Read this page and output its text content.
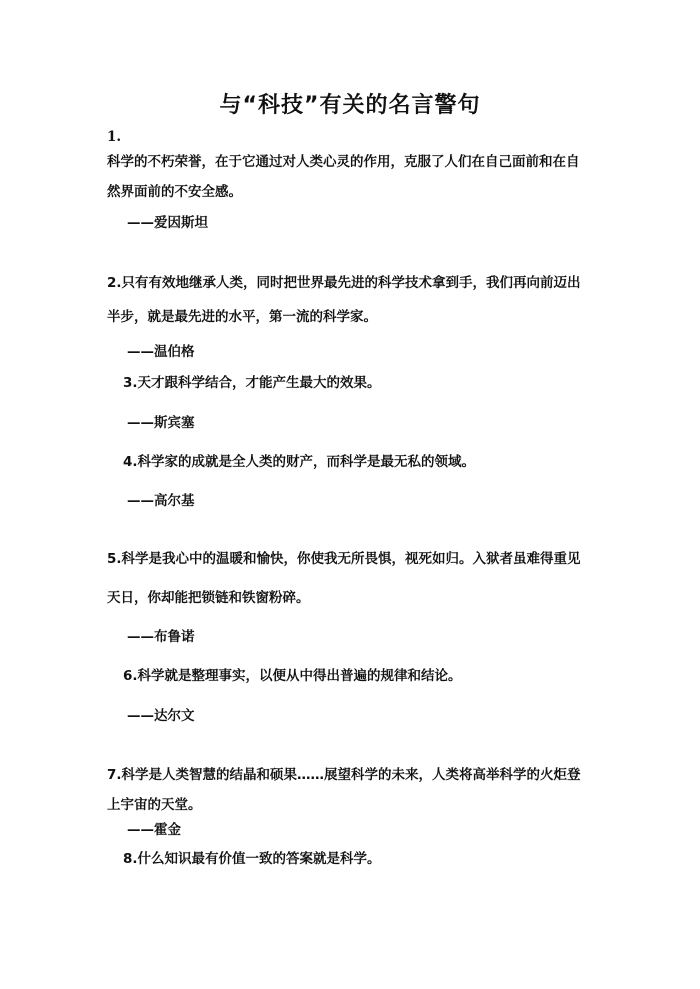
与“科技”有关的名言警句
1.
科学的不朽荣誉，在于它通过对人类心灵的作用，克服了人们在自己面前和在自
然界面前的不安全感。
——爱因斯坦
2.只有有效地继承人类，同时把世界最先进的科学技术拿到手，我们再向前迈出
半步，就是最先进的水平，第一流的科学家。
——温伯格
3.天才跟科学结合，才能产生最大的效果。
——斯宾塞
4.科学家的成就是全人类的财产，而科学是最无私的领域。
——高尔基
5.科学是我心中的温暖和愉快，你使我无所畏惧，视死如归。入狱者虽难得重见
天日，你却能把锁链和铁窗粉碎。
——布鲁诺
6.科学就是整理事实，以便从中得出普遍的规律和结论。
——达尔文
7.科学是人类智慧的结晶和硕果……展望科学的未来，人类将高举科学的火炬登
上宇宙的天堂。
——霍金
8.什么知识最有价值一致的答案就是科学。
